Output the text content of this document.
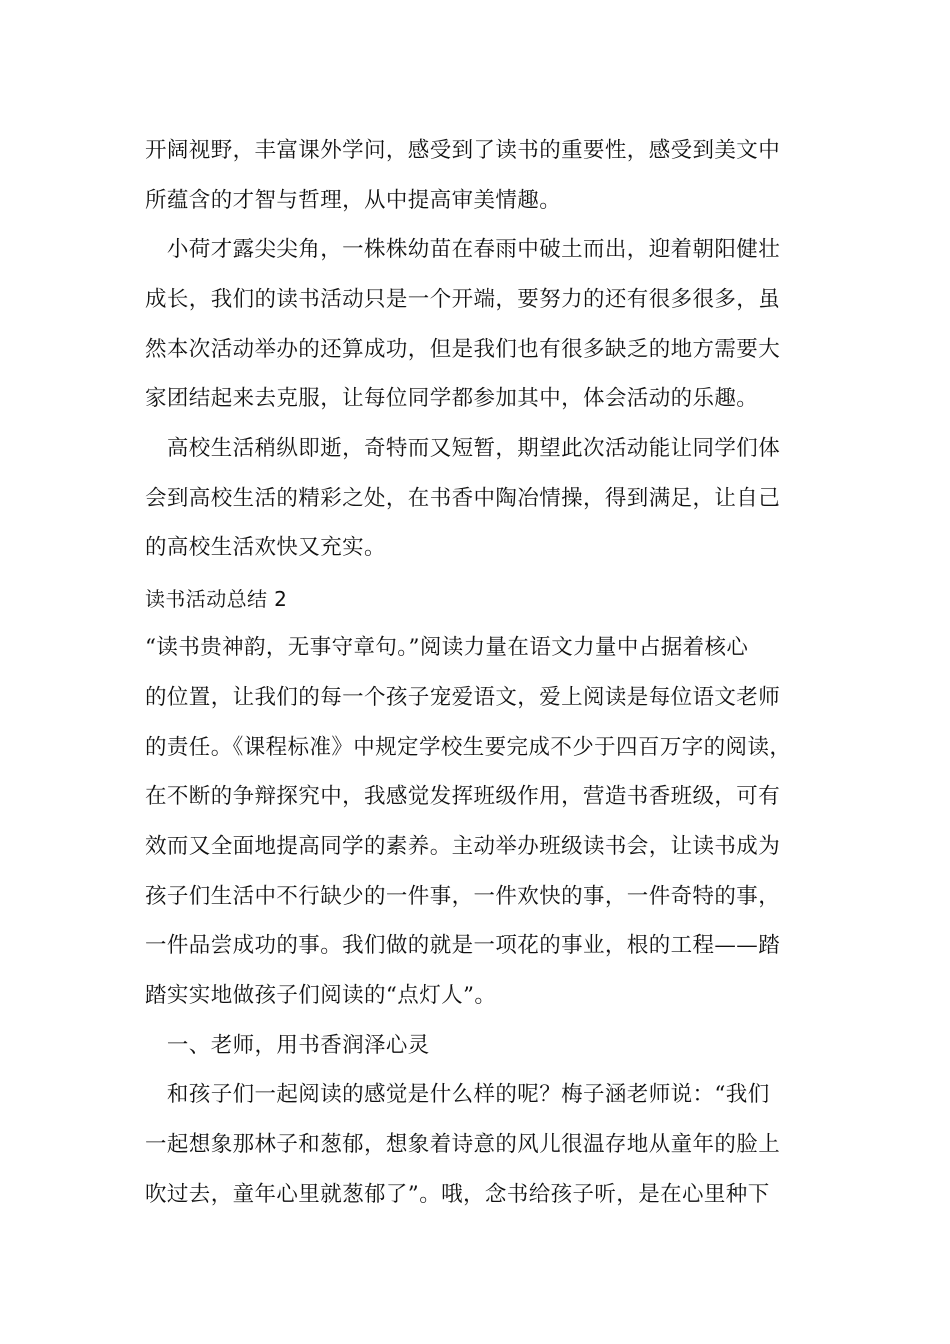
开阔视野，丰富课外学问，感受到了读书的重要性，感受到美文中
所蕴含的才智与哲理，从中提高审美情趣。
　小荷才露尖尖角，一株株幼苗在春雨中破土而出，迎着朝阳健壮
成长，我们的读书活动只是一个开端，要努力的还有很多很多，虽
然本次活动举办的还算成功，但是我们也有很多缺乏的地方需要大
家团结起来去克服，让每位同学都参加其中，体会活动的乐趣。
　高校生活稍纵即逝，奇特而又短暂，期望此次活动能让同学们体
会到高校生活的精彩之处，在书香中陶冶情操，得到满足，让自己
的高校生活欢快又充实。
读书活动总结 2
“读书贵神韵，无事守章句。”阅读力量在语文力量中占据着核心
的位置，让我们的每一个孩子宠爱语文，爱上阅读是每位语文老师
的责任。《课程标准》中规定学校生要完成不少于四百万字的阅读，
在不断的争辩探究中，我感觉发挥班级作用，营造书香班级，可有
效而又全面地提高同学的素养。主动举办班级读书会，让读书成为
孩子们生活中不行缺少的一件事，一件欢快的事，一件奇特的事，
一件品尝成功的事。我们做的就是一项花的事业，根的工程——踏
踏实实地做孩子们阅读的“点灯人”。
　一、老师，用书香润泽心灵
　和孩子们一起阅读的感觉是什么样的呢？梅子涵老师说：“我们
一起想象那林子和葱郁，想象着诗意的风儿很温存地从童年的脸上
吹过去，童年心里就葱郁了”。哦，念书给孩子听，是在心里种下
